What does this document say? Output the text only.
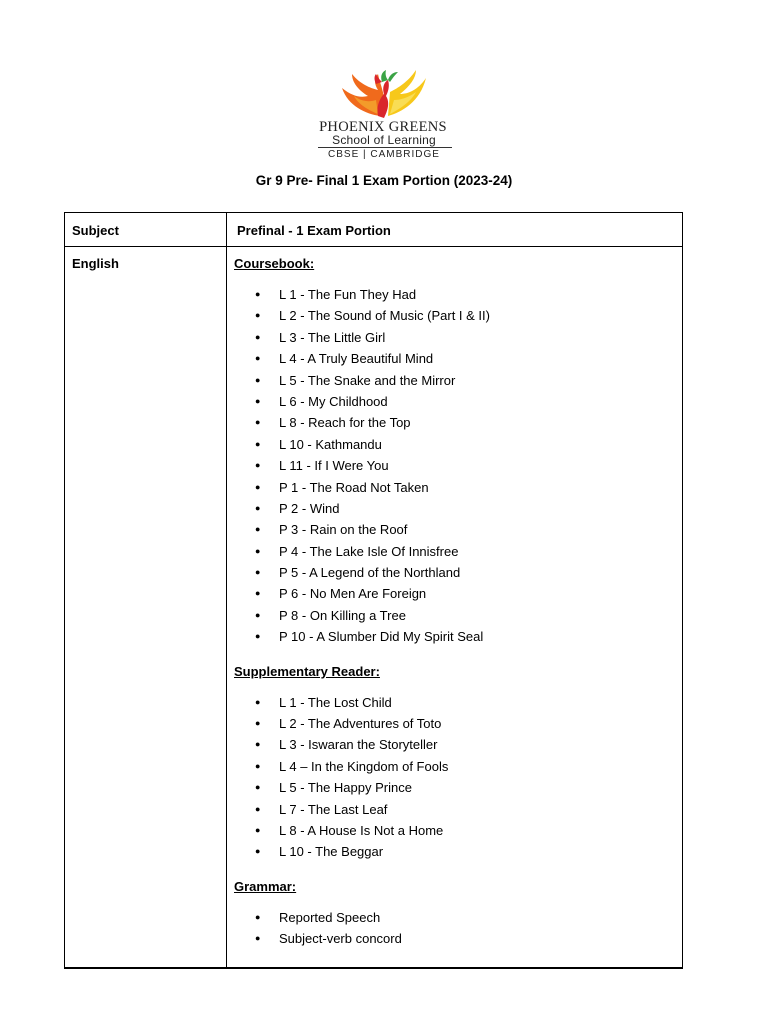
PHOENIX GREENS
School of Learning
CBSE | CAMBRIDGE
Gr 9 Pre- Final 1 Exam Portion (2023-24)
Subject	Prefinal - 1 Exam Portion
English	Coursebook:
● L 1 - The Fun They Had
● L 2 - The Sound of Music (Part I & II)
● L 3 - The Little Girl
● L 4 - A Truly Beautiful Mind
● L 5 - The Snake and the Mirror
● L 6 - My Childhood
● L 8 - Reach for the Top
● L 10 - Kathmandu
● L 11 - If I Were You
● P 1 - The Road Not Taken
● P 2 - Wind
● P 3 - Rain on the Roof
● P 4 - The Lake Isle Of Innisfree
● P 5 - A Legend of the Northland
● P 6 - No Men Are Foreign
● P 8 - On Killing a Tree
● P 10 - A Slumber Did My Spirit Seal
Supplementary Reader:
● L 1 - The Lost Child
● L 2 - The Adventures of Toto
● L 3 - Iswaran the Storyteller
● L 4 – In the Kingdom of Fools
● L 5 - The Happy Prince
● L 7 - The Last Leaf
● L 8 - A House Is Not a Home
● L 10 - The Beggar
Grammar:
● Reported Speech
● Subject-verb concord
